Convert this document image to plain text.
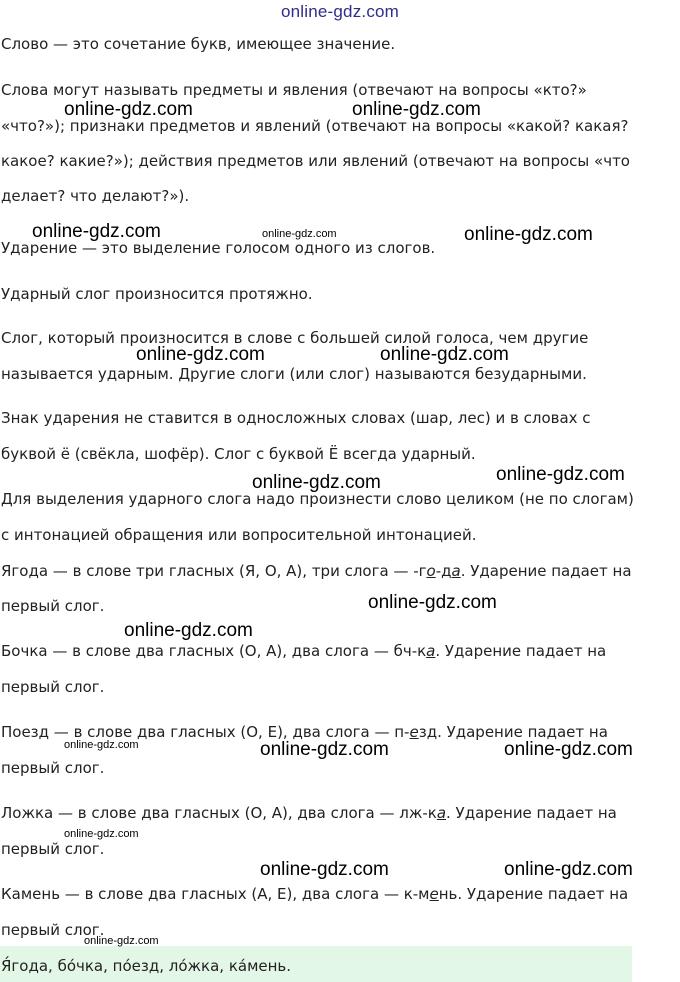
online-gdz.com
Слово — это сочетание букв, имеющее значение.
Слова могут называть предметы и явления (отвечают на вопросы «кто?»
«что?»); признаки предметов и явлений (отвечают на вопросы «какой? какая?
какое? какие?»); действия предметов или явлений (отвечают на вопросы «что
делает? что делают?»).
Ударение — это выделение голосом одного из слогов.
Ударный слог произносится протяжно.
Слог, который произносится в слове с большей силой голоса, чем другие
называется ударным. Другие слоги (или слог) называются безударными.
Знак ударения не ставится в односложных словах (шар, лес) и в словах с
буквой ё (свёкла, шофёр). Слог с буквой Ё всегда ударный.
Для выделения ударного слога надо произнести слово целиком (не по слогам)
с интонацией обращения или вопросительной интонацией.
Ягода — в слове три гласных (Я, О, А), три слога — -го-да. Ударение падает на
первый слог.
Бочка — в слове два гласных (О, А), два слога — бч-ка. Ударение падает на
первый слог.
Поезд — в слове два гласных (О, Е), два слога — п-езд. Ударение падает на
первый слог.
Ложка — в слове два гласных (О, А), два слога — лж-ка. Ударение падает на
первый слог.
Камень — в слове два гласных (А, Е), два слога — к-мень. Ударение падает на
первый слог.
Я́года, бо́чка, по́езд, ло́жка, ка́мень.
online-gdz.com	online-gdz.com
online-gdz.com	online-gdz.com	online-gdz.com
online-gdz.com	online-gdz.com
online-gdz.com	online-gdz.com
online-gdz.com
online-gdz.com
online-gdz.com	online-gdz.com	online-gdz.com
online-gdz.com
online-gdz.com	online-gdz.com
online-gdz.com
